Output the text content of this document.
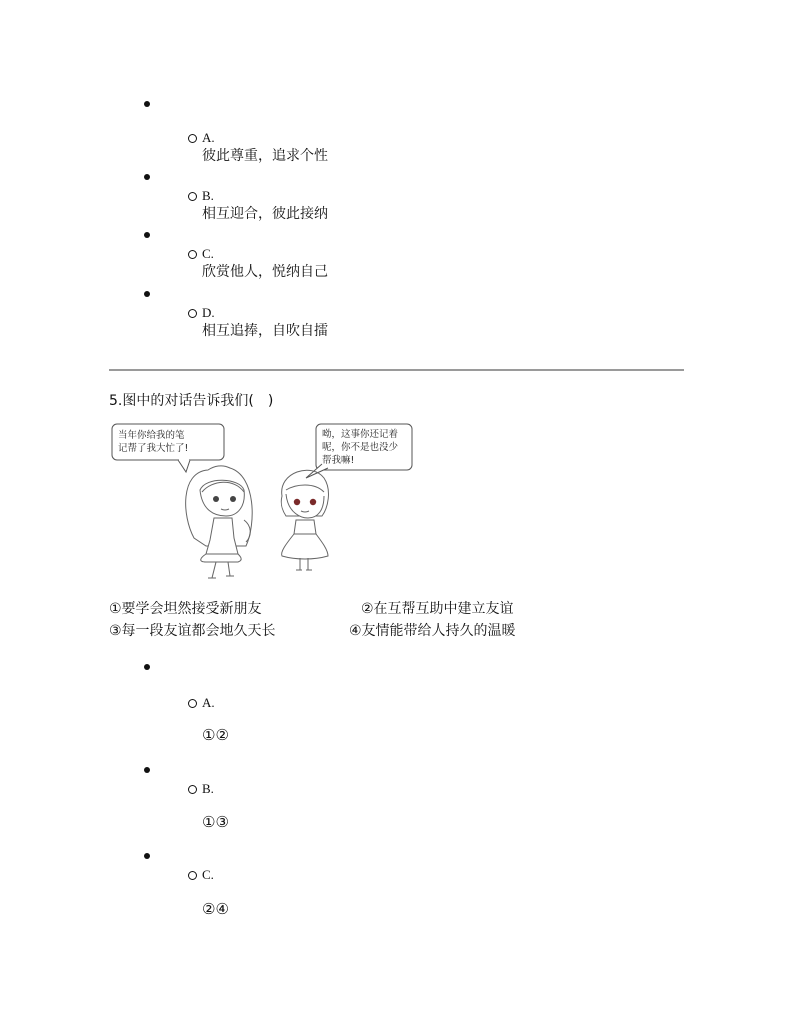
A.
彼此尊重，追求个性
B.
相互迎合，彼此接纳
C.
欣赏他人，悦纳自己
D.
相互追捧，自吹自擂
5.图中的对话告诉我们(　)
当年你给我的笔
记帮了我大忙了!
呦，这事你还记着
呢，你不是也没少
帮我嘛!
①要学会坦然接受新朋友	②在互帮互助中建立友谊
③每一段友谊都会地久天长	④友情能带给人持久的温暖
A.
①②
B.
①③
C.
②④
